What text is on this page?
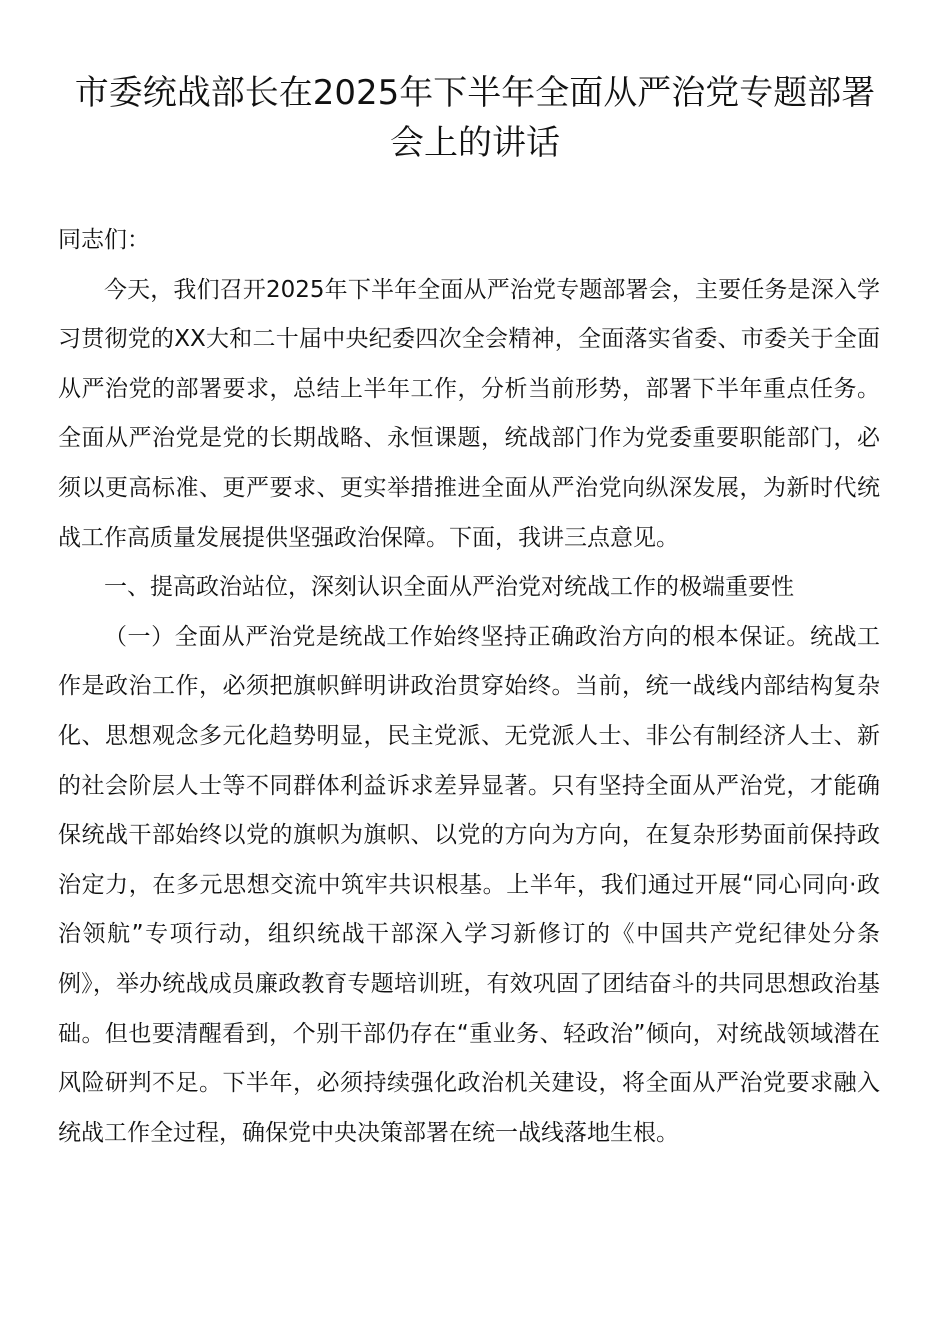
市委统战部长在2025年下半年全面从严治党专题部署会上的讲话

同志们：

今天，我们召开2025年下半年全面从严治党专题部署会，主要任务是深入学习贯彻党的XX大和二十届中央纪委四次全会精神，全面落实省委、市委关于全面从严治党的部署要求，总结上半年工作，分析当前形势，部署下半年重点任务。全面从严治党是党的长期战略、永恒课题，统战部门作为党委重要职能部门，必须以更高标准、更严要求、更实举措推进全面从严治党向纵深发展，为新时代统战工作高质量发展提供坚强政治保障。下面，我讲三点意见。

一、提高政治站位，深刻认识全面从严治党对统战工作的极端重要性

（一）全面从严治党是统战工作始终坚持正确政治方向的根本保证。统战工作是政治工作，必须把旗帜鲜明讲政治贯穿始终。当前，统一战线内部结构复杂化、思想观念多元化趋势明显，民主党派、无党派人士、非公有制经济人士、新的社会阶层人士等不同群体利益诉求差异显著。只有坚持全面从严治党，才能确保统战干部始终以党的旗帜为旗帜、以党的方向为方向，在复杂形势面前保持政治定力，在多元思想交流中筑牢共识根基。上半年，我们通过开展“同心同向·政治领航”专项行动，组织统战干部深入学习新修订的《中国共产党纪律处分条例》，举办统战成员廉政教育专题培训班，有效巩固了团结奋斗的共同思想政治基础。但也要清醒看到，个别干部仍存在“重业务、轻政治”倾向，对统战领域潜在风险研判不足。下半年，必须持续强化政治机关建设，将全面从严治党要求融入统战工作全过程，确保党中央决策部署在统一战线落地生根。
